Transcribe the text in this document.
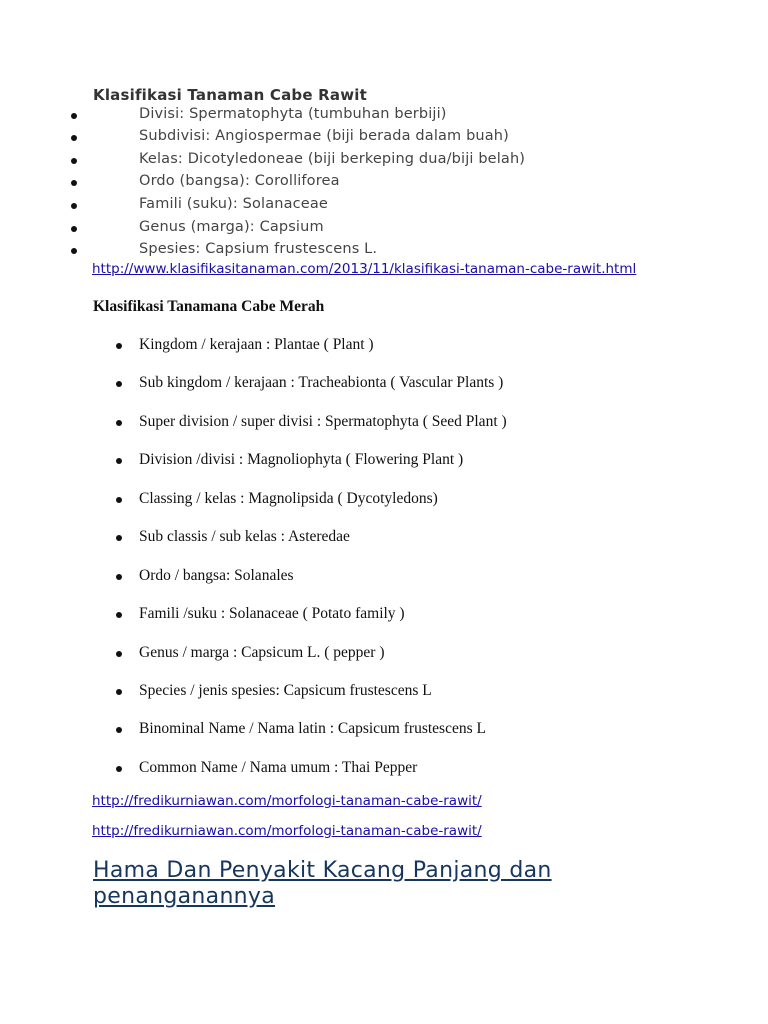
Klasifikasi Tanaman Cabe Rawit
Divisi: Spermatophyta (tumbuhan berbiji)
Subdivisi: Angiospermae (biji berada dalam buah)
Kelas: Dicotyledoneae (biji berkeping dua/biji belah)
Ordo (bangsa): Corolliforea
Famili (suku): Solanaceae
Genus (marga): Capsium
Spesies: Capsium frustescens L.
http://www.klasifikasitanaman.com/2013/11/klasifikasi-tanaman-cabe-rawit.html
Klasifikasi Tanamana Cabe Merah
Kingdom / kerajaan : Plantae ( Plant )
Sub kingdom / kerajaan : Tracheabionta ( Vascular Plants )
Super division / super divisi : Spermatophyta ( Seed Plant )
Division /divisi : Magnoliophyta ( Flowering Plant )
Classing / kelas : Magnolipsida ( Dycotyledons)
Sub classis / sub kelas : Asteredae
Ordo / bangsa: Solanales
Famili /suku : Solanaceae ( Potato family )
Genus / marga : Capsicum L. ( pepper )
Species / jenis spesies: Capsicum frustescens L
Binominal Name / Nama latin : Capsicum frustescens L
Common Name / Nama umum : Thai Pepper
http://fredikurniawan.com/morfologi-tanaman-cabe-rawit/
http://fredikurniawan.com/morfologi-tanaman-cabe-rawit/
Hama Dan Penyakit Kacang Panjang dan penanganannya
